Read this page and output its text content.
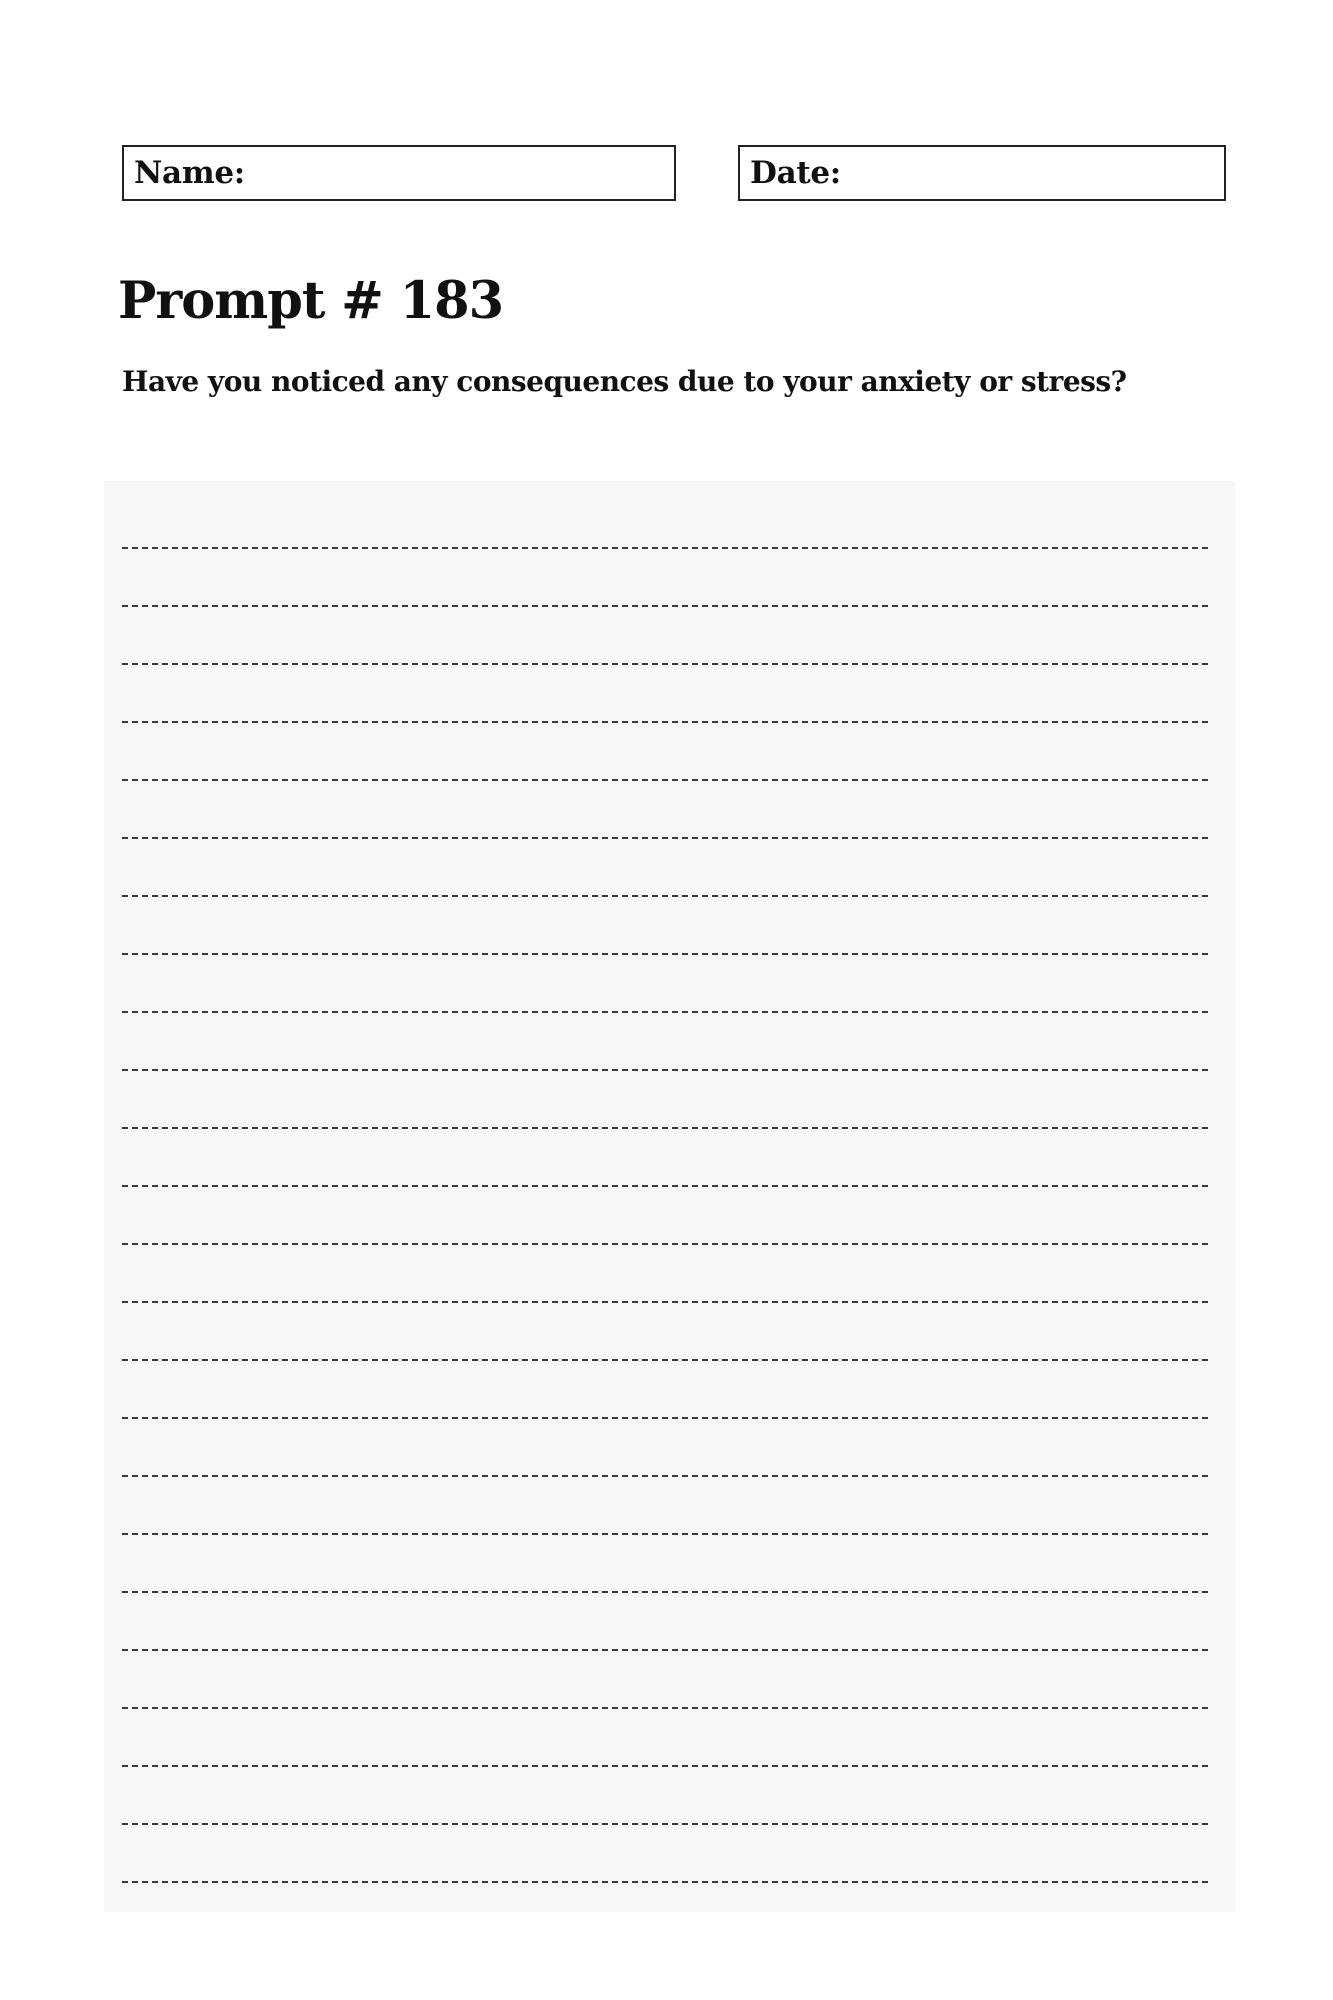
Name:	Date:
Prompt # 183

Have you noticed any consequences due to your anxiety or stress?
